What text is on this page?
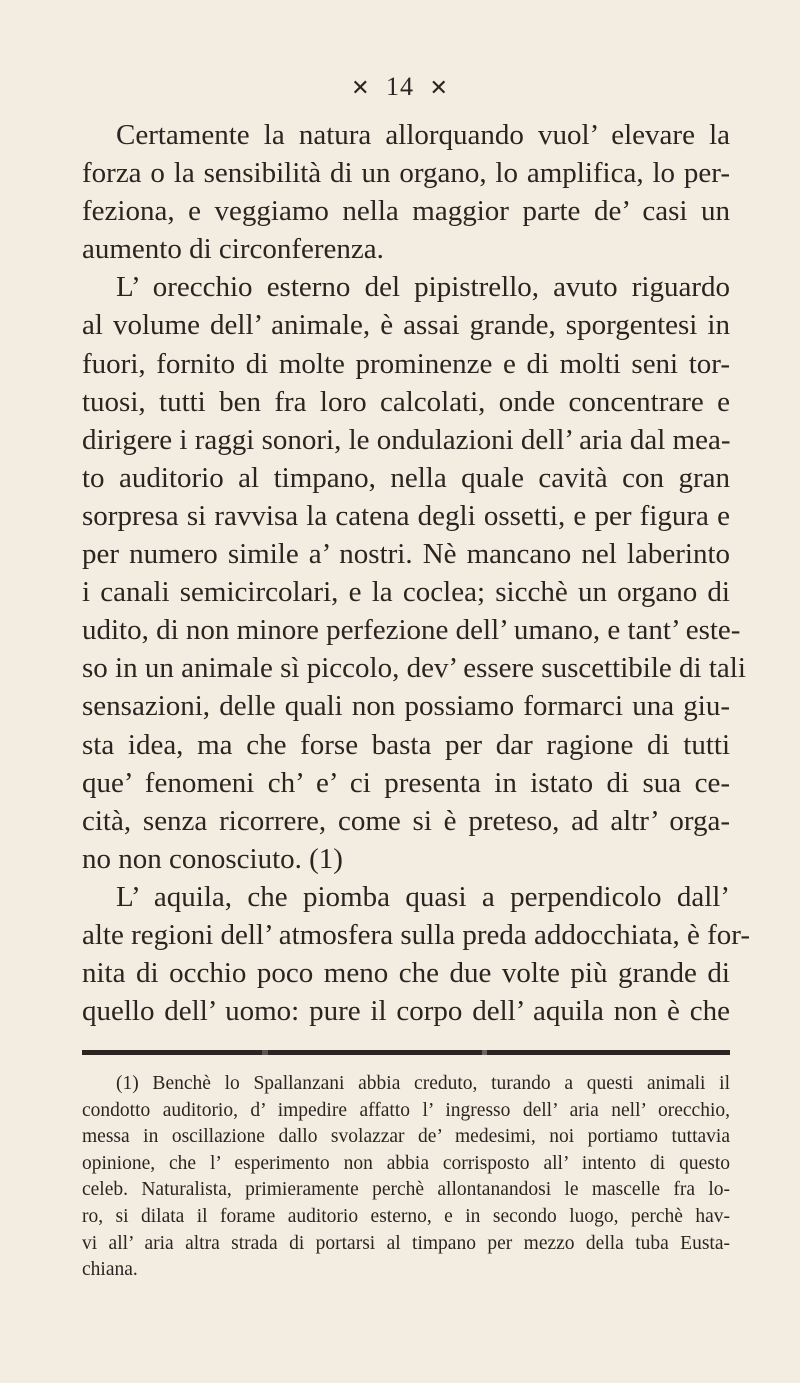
✕ 14 ✕
Certamente la natura allorquando vuol’ elevare la
forza o la sensibilità di un organo, lo amplifica, lo per-
feziona, e veggiamo nella maggior parte de’ casi un
aumento di circonferenza.
L’ orecchio esterno del pipistrello, avuto riguardo
al volume dell’ animale, è assai grande, sporgentesi in
fuori, fornito di molte prominenze e di molti seni tor-
tuosi, tutti ben fra loro calcolati, onde concentrare e
dirigere i raggi sonori, le ondulazioni dell’ aria dal mea-
to auditorio al timpano, nella quale cavità con gran
sorpresa si ravvisa la catena degli ossetti, e per figura e
per numero simile a’ nostri. Nè mancano nel laberinto
i canali semicircolari, e la coclea; sicchè un organo di
udito, di non minore perfezione dell’ umano, e tant’ este-
so in un animale sì piccolo, dev’ essere suscettibile di tali
sensazioni, delle quali non possiamo formarci una giu-
sta idea, ma che forse basta per dar ragione di tutti
que’ fenomeni ch’ e’ ci presenta in istato di sua ce-
cità, senza ricorrere, come si è preteso, ad altr’ orga-
no non conosciuto. (1)
L’ aquila, che piomba quasi a perpendicolo dall’
alte regioni dell’ atmosfera sulla preda addocchiata, è for-
nita di occhio poco meno che due volte più grande di
quello dell’ uomo: pure il corpo dell’ aquila non è che
(1) Benchè lo Spallanzani abbia creduto, turando a questi animali il
condotto auditorio, d’ impedire affatto l’ ingresso dell’ aria nell’ orecchio,
messa in oscillazione dallo svolazzar de’ medesimi, noi portiamo tuttavia
opinione, che l’ esperimento non abbia corrisposto all’ intento di questo
celeb. Naturalista, primieramente perchè allontanandosi le mascelle fra lo-
ro, si dilata il forame auditorio esterno, e in secondo luogo, perchè hav-
vi all’ aria altra strada di portarsi al timpano per mezzo della tuba Eusta-
chiana.
